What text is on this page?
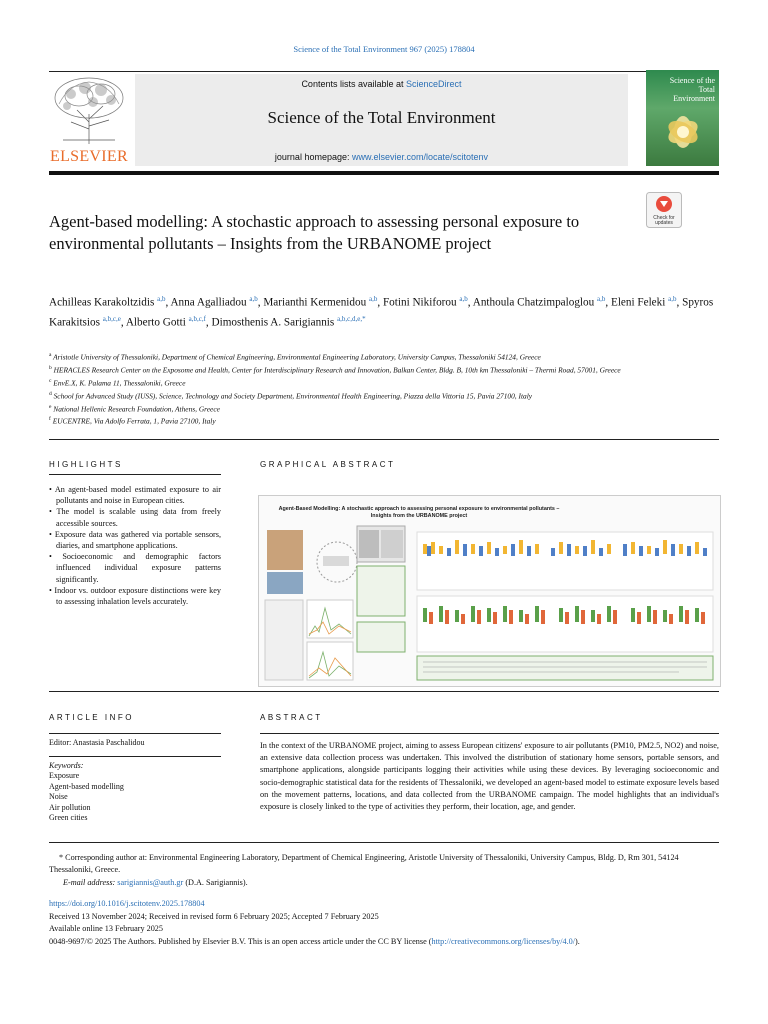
Science of the Total Environment 967 (2025) 178804
ELSEVIER
Contents lists available at ScienceDirect
Science of the Total Environment
journal homepage: www.elsevier.com/locate/scitotenv
Science of the Total Environment
Agent-based modelling: A stochastic approach to assessing personal exposure to environmental pollutants – Insights from the URBANOME project
Check for
updates
Achilleas Karakoltzidis $^{a,b}$, Anna Agalliadou $^{a,b}$, Marianthi Kermenidou $^{a,b}$, Fotini Nikiforou $^{a,b}$, Anthoula Chatzimpaloglou $^{a,b}$, Eleni Feleki $^{a,b}$, Spyros Karakitsios $^{a,b,c,e}$, Alberto Gotti $^{a,b,c,f}$, Dimosthenis A. Sarigiannis $^{a,b,c,d,e,*}$
$^a$ Aristotle University of Thessaloniki, Department of Chemical Engineering, Environmental Engineering Laboratory, University Campus, Thessaloniki 54124, Greece
$^b$ HERACLES Research Center on the Exposome and Health, Center for Interdisciplinary Research and Innovation, Balkan Center, Bldg. B, 10th km Thessaloniki – Thermi Road, 57001, Greece
$^c$ EnvE.X, K. Palama 11, Thessaloniki, Greece
$^d$ School for Advanced Study (IUSS), Science, Technology and Society Department, Environmental Health Engineering, Piazza della Vittoria 15, Pavia 27100, Italy
$^e$ National Hellenic Research Foundation, Athens, Greece
$^f$ EUCENTRE, Via Adolfo Ferrata, 1, Pavia 27100, Italy
HIGHLIGHTS
• An agent-based model estimated exposure to air pollutants and noise in European cities.
• The model is scalable using data from freely accessible sources.
• Exposure data was gathered via portable sensors, diaries, and smartphone applications.
• Socioeconomic and demographic factors influenced individual exposure patterns significantly.
• Indoor vs. outdoor exposure distinctions were key to assessing inhalation levels accurately.
GRAPHICAL ABSTRACT
Agent-Based Modelling: A stochastic approach to assessing personal exposure to environmental pollutants – Insights from the URBANOME project
ARTICLE INFO
Editor: Anastasia Paschalidou
Keywords:
Exposure
Agent-based modelling
Noise
Air pollution
Green cities
ABSTRACT
In the context of the URBANOME project, aiming to assess European citizens' exposure to air pollutants (PM10, PM2.5, NO2) and noise, an extensive data collection process was undertaken. This involved the distribution of stationary home sensors, portable sensors, and smartphone applications, alongside participants logging their activities while using these devices. By leveraging socioeconomic and socio-demographic statistical data for the residents of Thessaloniki, we developed an agent-based model to estimate exposure levels based on the movement patterns, locations, and data collected from the URBANOME campaign. The model highlights that an individual's exposure is closely linked to the type of activities they perform, their location, age, and gender.
* Corresponding author at: Environmental Engineering Laboratory, Department of Chemical Engineering, Aristotle University of Thessaloniki, University Campus, Bldg. D, Rm 301, 54124 Thessaloniki, Greece.
E-mail address: sarigiannis@auth.gr (D.A. Sarigiannis).
https://doi.org/10.1016/j.scitotenv.2025.178804
Received 13 November 2024; Received in revised form 6 February 2025; Accepted 7 February 2025
Available online 13 February 2025
0048-9697/© 2025 The Authors. Published by Elsevier B.V. This is an open access article under the CC BY license (http://creativecommons.org/licenses/by/4.0/).
